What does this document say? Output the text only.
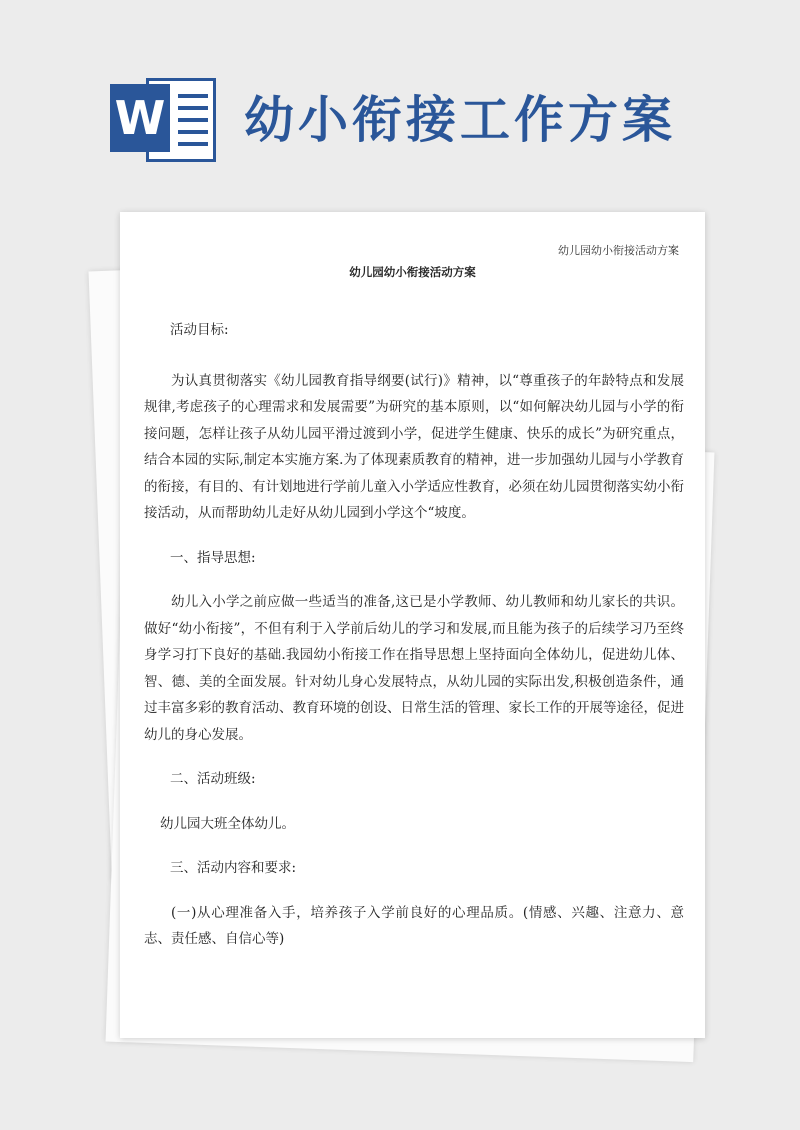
W 幼小衔接工作方案

幼儿园幼小衔接活动方案

幼儿园幼小衔接活动方案

活动目标:

为认真贯彻落实《幼儿园教育指导纲要(试行)》精神，以“尊重孩子的年龄特点和发展规律,考虑孩子的心理需求和发展需要”为研究的基本原则，以“如何解决幼儿园与小学的衔接问题，怎样让孩子从幼儿园平滑过渡到小学，促进学生健康、快乐的成长”为研究重点，结合本园的实际,制定本实施方案.为了体现素质教育的精神，进一步加强幼儿园与小学教育的衔接，有目的、有计划地进行学前儿童入小学适应性教育，必须在幼儿园贯彻落实幼小衔接活动，从而帮助幼儿走好从幼儿园到小学这个“坡度。

一、指导思想:

幼儿入小学之前应做一些适当的准备,这已是小学教师、幼儿教师和幼儿家长的共识。做好“幼小衔接”，不但有利于入学前后幼儿的学习和发展,而且能为孩子的后续学习乃至终身学习打下良好的基础.我园幼小衔接工作在指导思想上坚持面向全体幼儿，促进幼儿体、智、德、美的全面发展。针对幼儿身心发展特点，从幼儿园的实际出发,积极创造条件，通过丰富多彩的教育活动、教育环境的创设、日常生活的管理、家长工作的开展等途径，促进幼儿的身心发展。

二、活动班级:

幼儿园大班全体幼儿。

三、活动内容和要求:

(一)从心理准备入手，培养孩子入学前良好的心理品质。(情感、兴趣、注意力、意志、责任感、自信心等)
